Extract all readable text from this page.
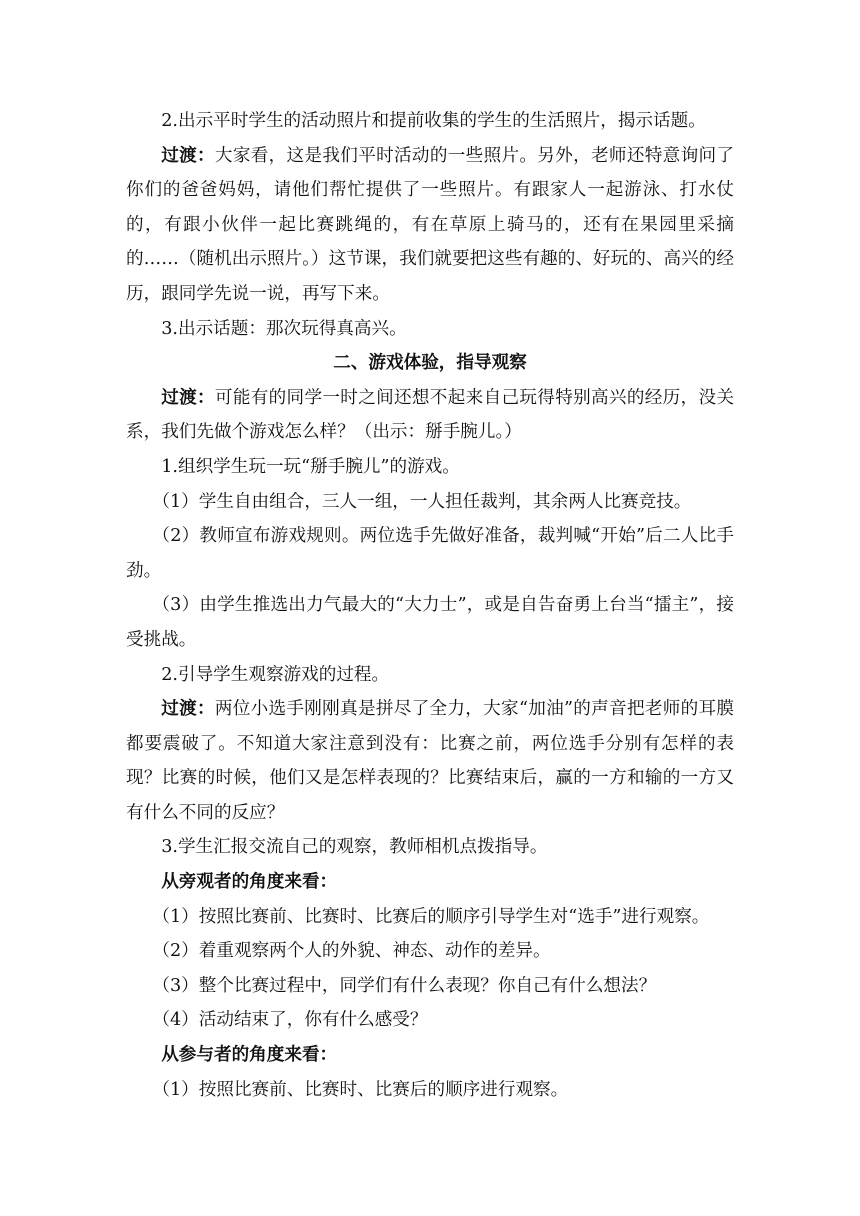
2.出示平时学生的活动照片和提前收集的学生的生活照片，揭示话题。

过渡：大家看，这是我们平时活动的一些照片。另外，老师还特意询问了你们的爸爸妈妈，请他们帮忙提供了一些照片。有跟家人一起游泳、打水仗的，有跟小伙伴一起比赛跳绳的，有在草原上骑马的，还有在果园里采摘的……（随机出示照片。）这节课，我们就要把这些有趣的、好玩的、高兴的经历，跟同学先说一说，再写下来。

3.出示话题：那次玩得真高兴。

二、游戏体验，指导观察

过渡：可能有的同学一时之间还想不起来自己玩得特别高兴的经历，没关系，我们先做个游戏怎么样？（出示：掰手腕儿。）

1.组织学生玩一玩“掰手腕儿”的游戏。

（1）学生自由组合，三人一组，一人担任裁判，其余两人比赛竞技。

（2）教师宣布游戏规则。两位选手先做好准备，裁判喊“开始”后二人比手劲。

（3）由学生推选出力气最大的“大力士”，或是自告奋勇上台当“擂主”，接受挑战。

2.引导学生观察游戏的过程。

过渡：两位小选手刚刚真是拼尽了全力，大家“加油”的声音把老师的耳膜都要震破了。不知道大家注意到没有：比赛之前，两位选手分别有怎样的表现？比赛的时候，他们又是怎样表现的？比赛结束后，赢的一方和输的一方又有什么不同的反应？

3.学生汇报交流自己的观察，教师相机点拨指导。

从旁观者的角度来看：

（1）按照比赛前、比赛时、比赛后的顺序引导学生对“选手”进行观察。

（2）着重观察两个人的外貌、神态、动作的差异。

（3）整个比赛过程中，同学们有什么表现？你自己有什么想法？

（4）活动结束了，你有什么感受？

从参与者的角度来看：

（1）按照比赛前、比赛时、比赛后的顺序进行观察。
